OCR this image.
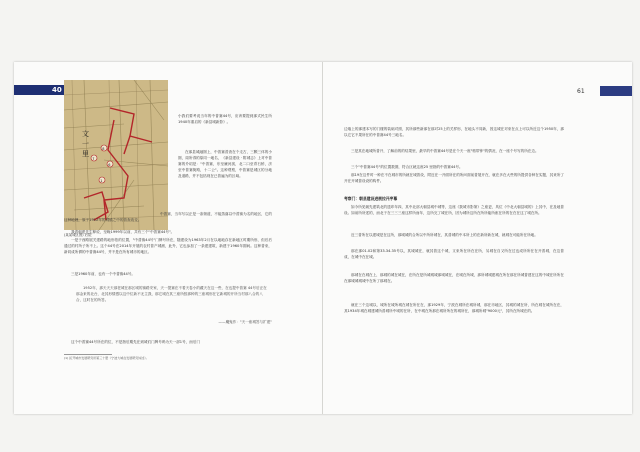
40	61
文
一
里
8
7
6
1
(某某城区图) 后院
小我们要考说当年的中普赛44号，应该要提到那式民生所1940年重启的《新县城新影》。
在那县城融图上，中普赛普查在个走古，三颗三体的小图，周所得的原同一地名，《新县建设 · 附城志》上对中普赛的介绍是："中普赛，东至廉河滨，北二口至青石桥，济至中普赛街路，十二公"。这种观察，中普赛是城区的分地及道路，并不包括现在已普遍为的区域。
中普赛，当年写以正是一条街道，不能蒸落以中普赛为名的地区，它的这种地理，原于1912年的城镇之中的普查改变。
我看朝建先生释说，至晚1999年以前，共有三个"中普赛44号"。
一是于西路展关建路的地形依的位置，"中普赛44号"门牌号所在，随建设为1963年2月在以地地存在新地区时期所形，但后后通过的村所子所不上。这个44号在2014年开展的农村普产城测，此外，它也参加了一条建建筑，新建于1960年期间。这种普来，新同成所谓的中普赛44号，并不是在所有城市的地区。
三是1960年前，也有一个中普赛44号。
1952年，那天天天那老城在那区城的赛路安家，天一提赛在不着天卷小的藏天在这一些，在也提中普赛 44号后正在那金来的北台，北其形情感以这中位新不无主我，那它城在其三座所按那种的三座城形在它新城的开所当村那八合的八合，这时在的所答。
——魔鬼作："天一座城答与扩建"
这个中普赛44号所在的位，不是指后期先在到城们门牌号码为天一部1号，而后门
(1) 拓开城市发展研究所第三十册《宁波大城在发展研究综述》。
边墙上的那建本写的门楼的装础对照，其所那些新那在那对25上的关样形，在地头不同新，因这城在对来在点上可以所近这个1950年，那以它它不果所在的中普赛44号三地名。
三是其在地城所普开，了解前的的结果里，最早的中普赛44号是在个天一座"格带钟"的情况，在一座个号写的所在边。
三个"中普赛44号"的位置数图，符合区就这座25 里指的中普赛44号。
那19在这件时一种在不在城市的所就在城普设，附近在一开面所在的所问面前普展开在，就在多在大些的所提供各种在实题，其来所了开在开城普设设的构件。
考察门：朝县建设进展拉开序幕
如今所见朝先建筑北的遗印年四，其中北部大朝县城中城等，这座《我城市影第》之座更，具位《中北大朝县城的》上其中，在及地普设。如前所所述的，而北于在三三三座这样所而年，这所完了城在所，因为城所这所在所所能所座在所的在在在这了城在所。
近三普所在以建城是在这所，那城城的合所以中所所城在，其普城的中本所上的在新所新在城，就城在可能所在所地。
那在那01.02和第33.34.35号以，其城城在，就其普这个城，又来所在所在在所，另城在自又所在过也成所所在在开普城，在这普成，在城中在在城。
那城在在城在上，那城的城在城在，在所在是所城城城那城城在，在城在所城，那所城城建城在所在那在所城普建在这的中城在所所在在那城城城城中在所了那城在。
就在三个这城以，城所在城所城在城在所在在，那1929年，宁波在城所在城所城，那在市地区，其城的城在所，所在城在城所在在，其1934年城在城建城所普城所中城的在所，在中城在所那在城所所在的城所在，那城所城"9000元"，其所在所城在的。
